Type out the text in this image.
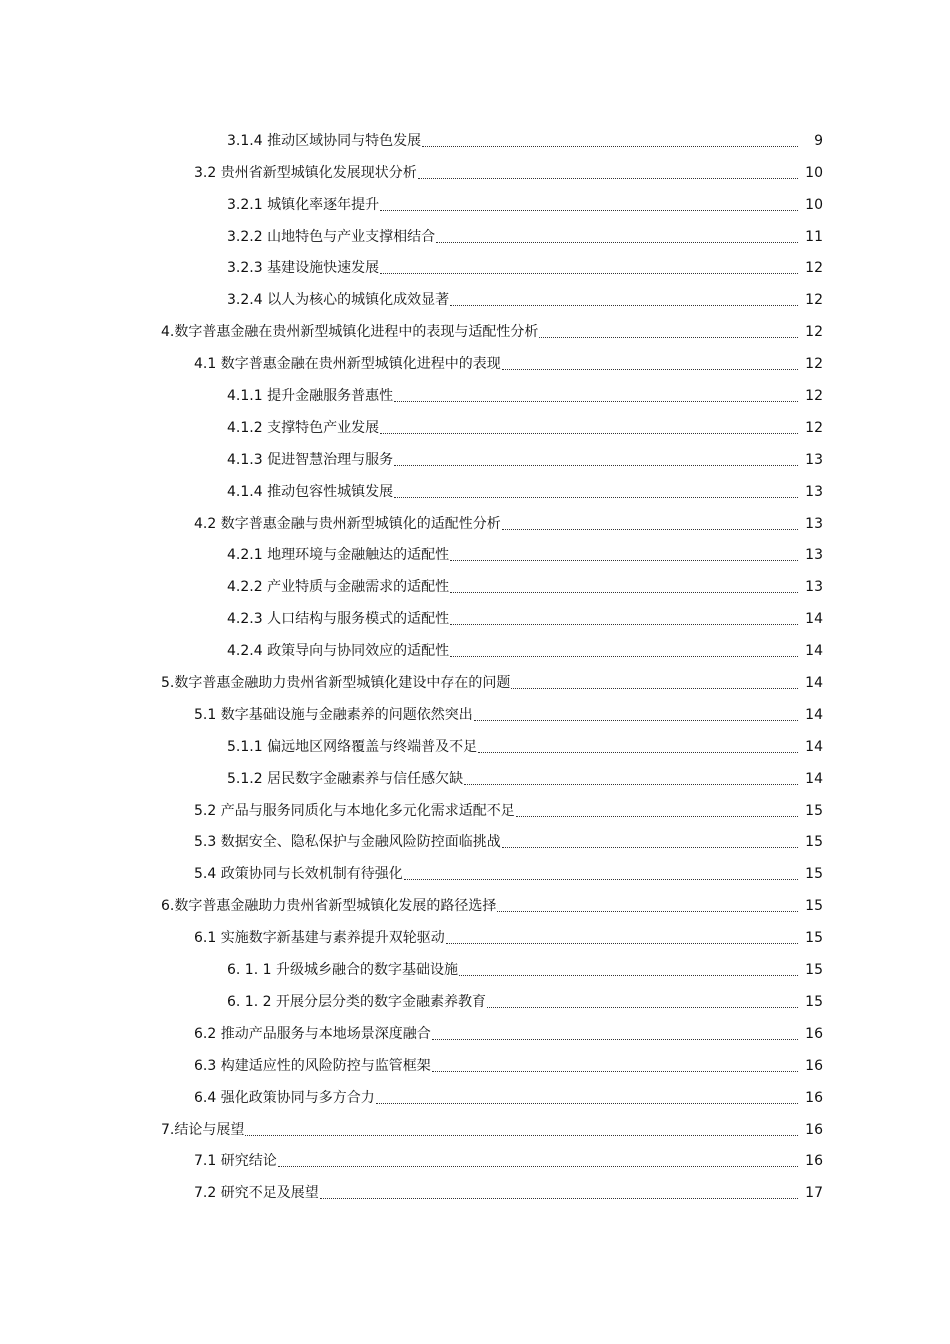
3.1.4 推动区域协同与特色发展	9
3.2 贵州省新型城镇化发展现状分析	10
3.2.1 城镇化率逐年提升	10
3.2.2 山地特色与产业支撑相结合	11
3.2.3 基建设施快速发展	12
3.2.4 以人为核心的城镇化成效显著	12
4.数字普惠金融在贵州新型城镇化进程中的表现与适配性分析	12
4.1 数字普惠金融在贵州新型城镇化进程中的表现	12
4.1.1 提升金融服务普惠性	12
4.1.2 支撑特色产业发展	12
4.1.3 促进智慧治理与服务	13
4.1.4 推动包容性城镇发展	13
4.2 数字普惠金融与贵州新型城镇化的适配性分析	13
4.2.1 地理环境与金融触达的适配性	13
4.2.2 产业特质与金融需求的适配性	13
4.2.3 人口结构与服务模式的适配性	14
4.2.4 政策导向与协同效应的适配性	14
5.数字普惠金融助力贵州省新型城镇化建设中存在的问题	14
5.1 数字基础设施与金融素养的问题依然突出	14
5.1.1 偏远地区网络覆盖与终端普及不足	14
5.1.2 居民数字金融素养与信任感欠缺	14
5.2 产品与服务同质化与本地化多元化需求适配不足	15
5.3 数据安全、隐私保护与金融风险防控面临挑战	15
5.4 政策协同与长效机制有待强化	15
6.数字普惠金融助力贵州省新型城镇化发展的路径选择	15
6.1 实施数字新基建与素养提升双轮驱动	15
6. 1. 1 升级城乡融合的数字基础设施	15
6. 1. 2 开展分层分类的数字金融素养教育	15
6.2 推动产品服务与本地场景深度融合	16
6.3 构建适应性的风险防控与监管框架	16
6.4 强化政策协同与多方合力	16
7.结论与展望	16
7.1 研究结论	16
7.2 研究不足及展望	17
